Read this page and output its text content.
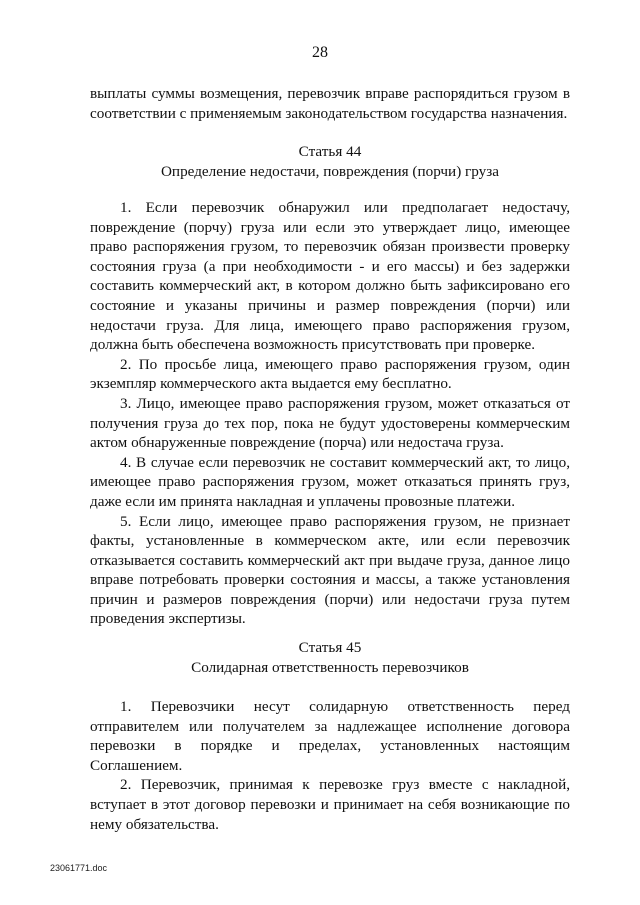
28

выплаты суммы возмещения, перевозчик вправе распорядиться грузом в соответствии с применяемым законодательством государства назначения.

Статья 44

Определение недостачи, повреждения (порчи) груза

1. Если перевозчик обнаружил или предполагает недостачу, повреждение (порчу) груза или если это утверждает лицо, имеющее право распоряжения грузом, то перевозчик обязан произвести проверку состояния груза (а при необходимости - и его массы) и без задержки составить коммерческий акт, в котором должно быть зафиксировано его состояние и указаны причины и размер повреждения (порчи) или недостачи груза. Для лица, имеющего право распоряжения грузом, должна быть обеспечена возможность присутствовать при проверке.

2. По просьбе лица, имеющего право распоряжения грузом, один экземпляр коммерческого акта выдается ему бесплатно.

3. Лицо, имеющее право распоряжения грузом, может отказаться от получения груза до тех пор, пока не будут удостоверены коммерческим актом обнаруженные повреждение (порча) или недостача груза.

4. В случае если перевозчик не составит коммерческий акт, то лицо, имеющее право распоряжения грузом, может отказаться принять груз, даже если им принята накладная и уплачены провозные платежи.

5. Если лицо, имеющее право распоряжения грузом, не признает факты, установленные в коммерческом акте, или если перевозчик отказывается составить коммерческий акт при выдаче груза, данное лицо вправе потребовать проверки состояния и массы, а также установления причин и размеров повреждения (порчи) или недостачи груза путем проведения экспертизы.

Статья 45

Солидарная ответственность перевозчиков

1. Перевозчики несут солидарную ответственность перед отправителем или получателем за надлежащее исполнение договора перевозки в порядке и пределах, установленных настоящим Соглашением.

2. Перевозчик, принимая к перевозке груз вместе с накладной, вступает в этот договор перевозки и принимает на себя возникающие по нему обязательства.

23061771.doc
